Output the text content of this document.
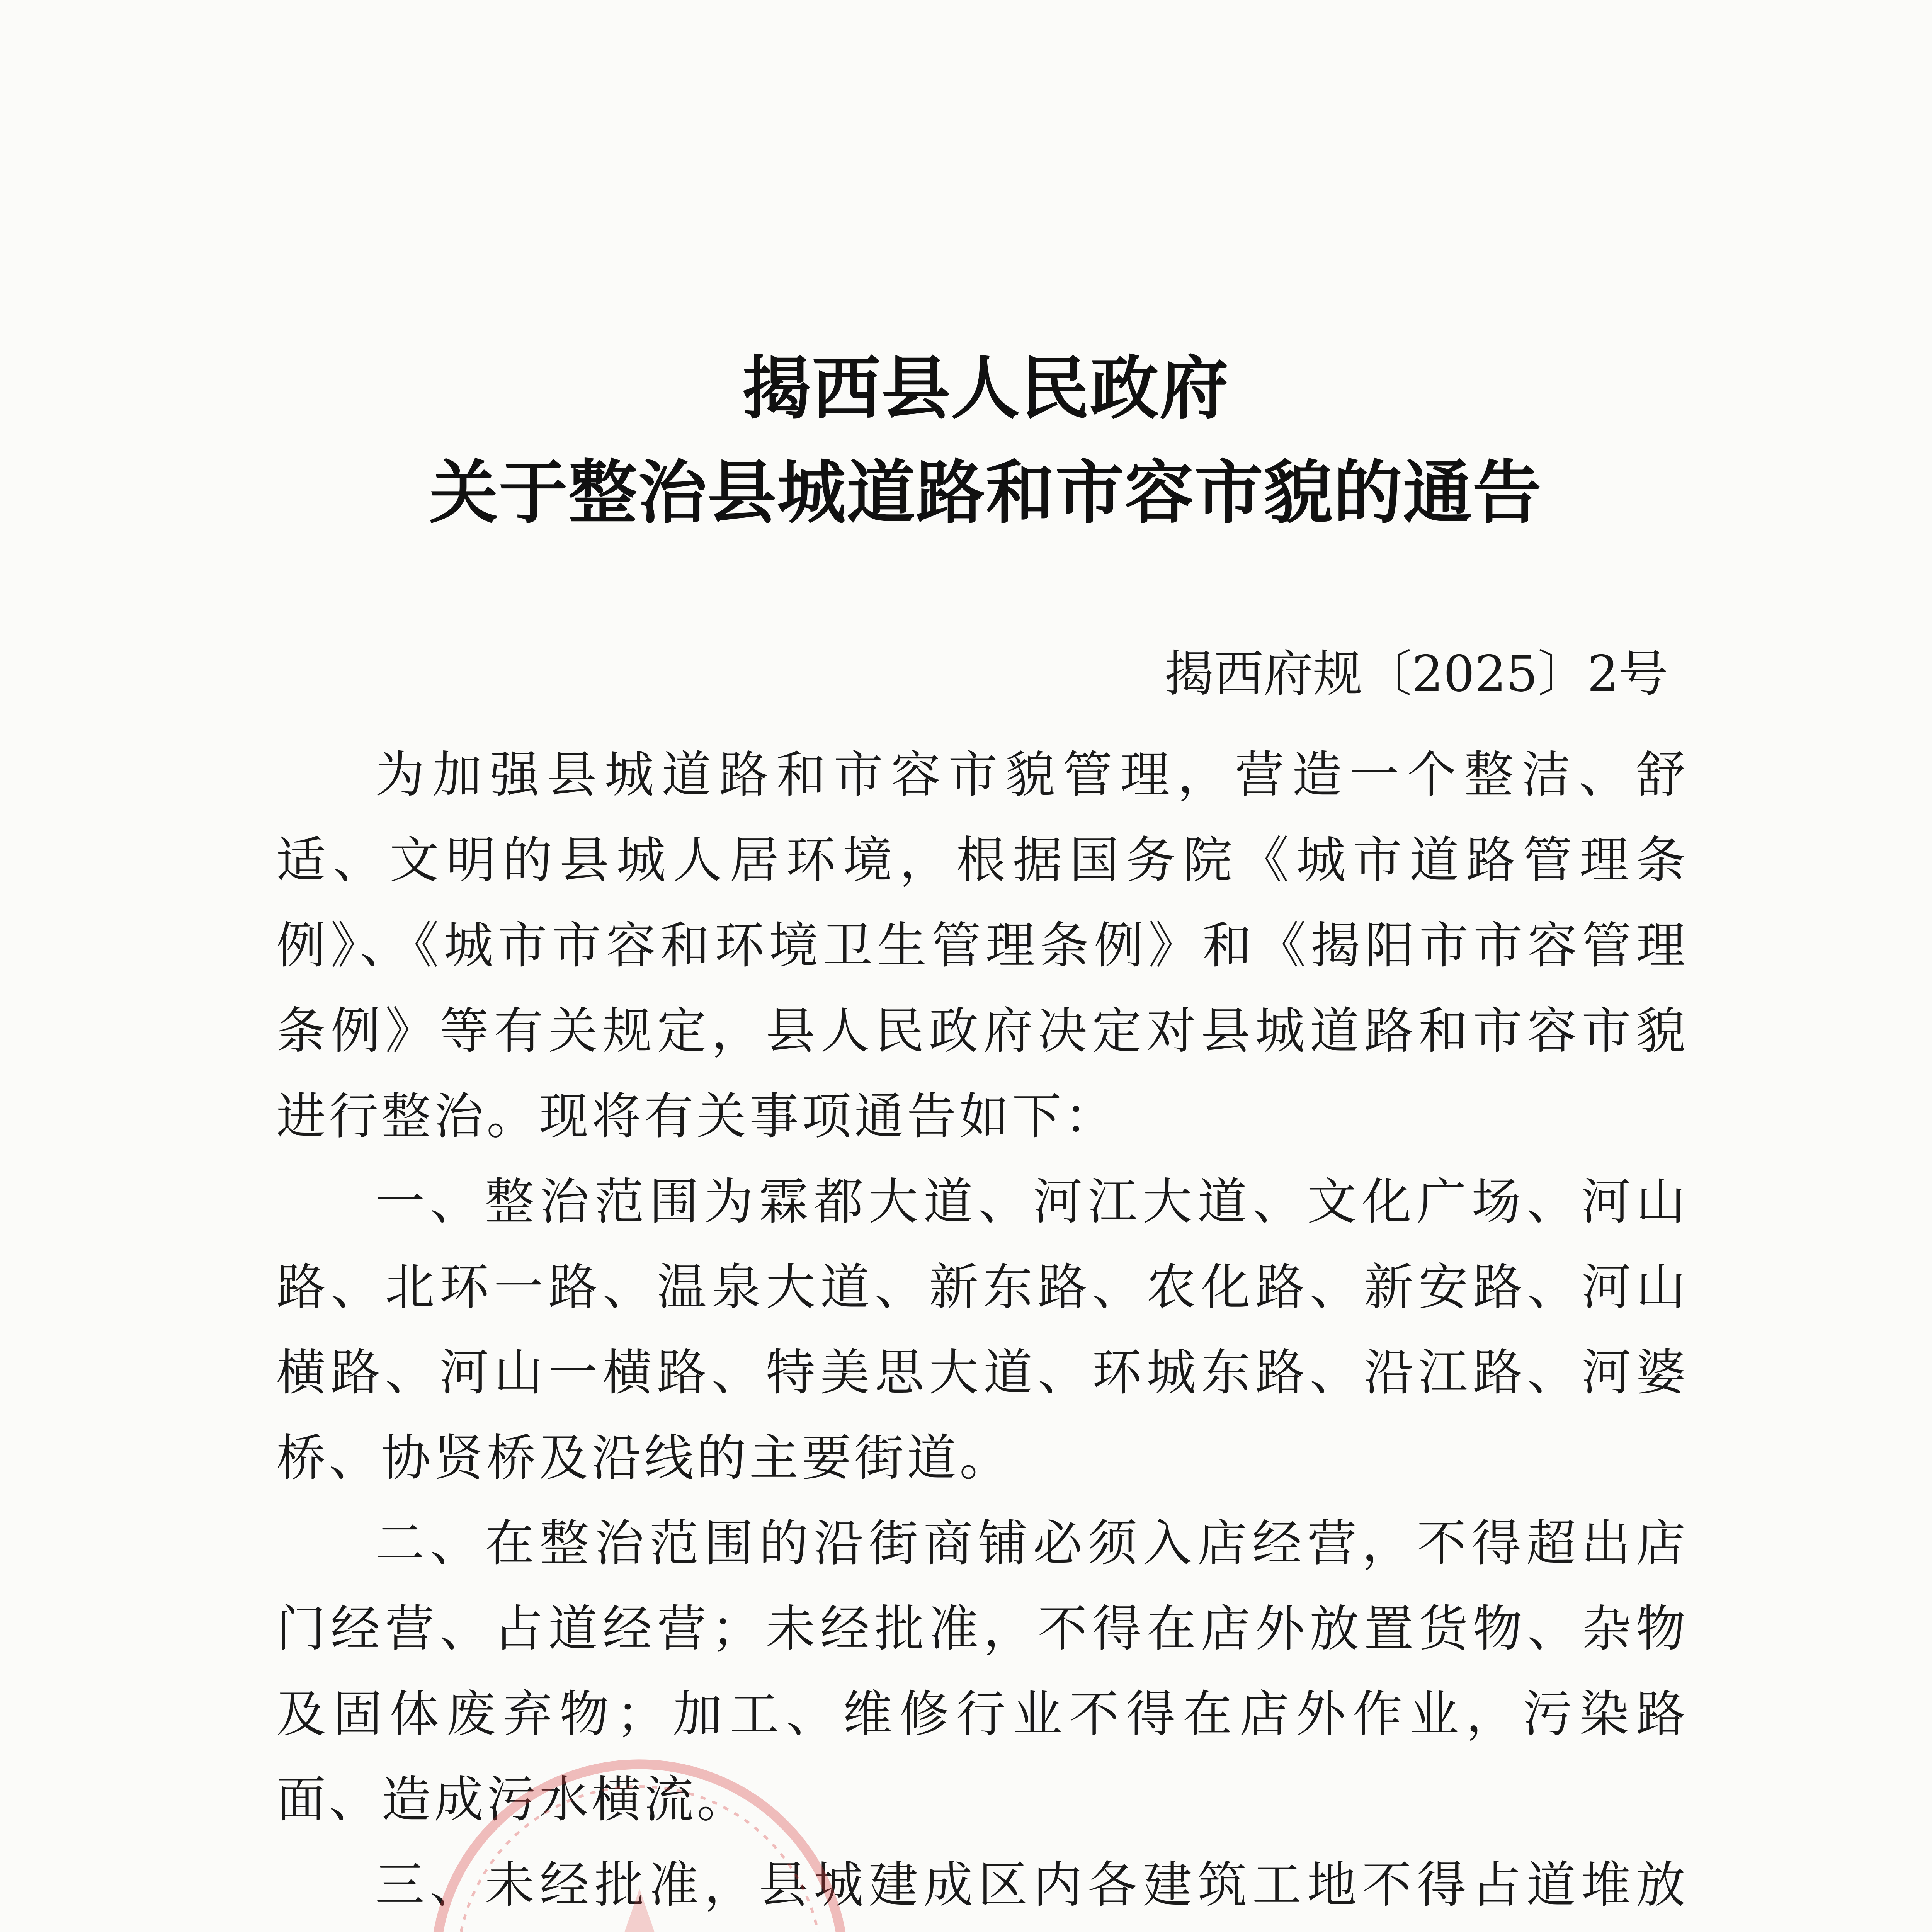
揭西县人民政府
关于整治县城道路和市容市貌的通告
揭西府规〔2025〕2号

为加强县城道路和市容市貌管理，营造一个整洁、舒适、文明的县城人居环境，根据国务院《城市道路管理条例》、《城市市容和环境卫生管理条例》和《揭阳市市容管理条例》等有关规定，县人民政府决定对县城道路和市容市貌进行整治。现将有关事项通告如下：

一、整治范围为霖都大道、河江大道、文化广场、河山路、北环一路、温泉大道、新东路、农化路、新安路、河山横路、河山一横路、特美思大道、环城东路、沿江路、河婆桥、协贤桥及沿线的主要街道。

二、在整治范围的沿街商铺必须入店经营，不得超出店门经营、占道经营；未经批准，不得在店外放置货物、杂物及固体废弃物；加工、维修行业不得在店外作业，污染路面、造成污水横流。

三、未经批准，县城建成区内各建筑工地不得占道堆放
